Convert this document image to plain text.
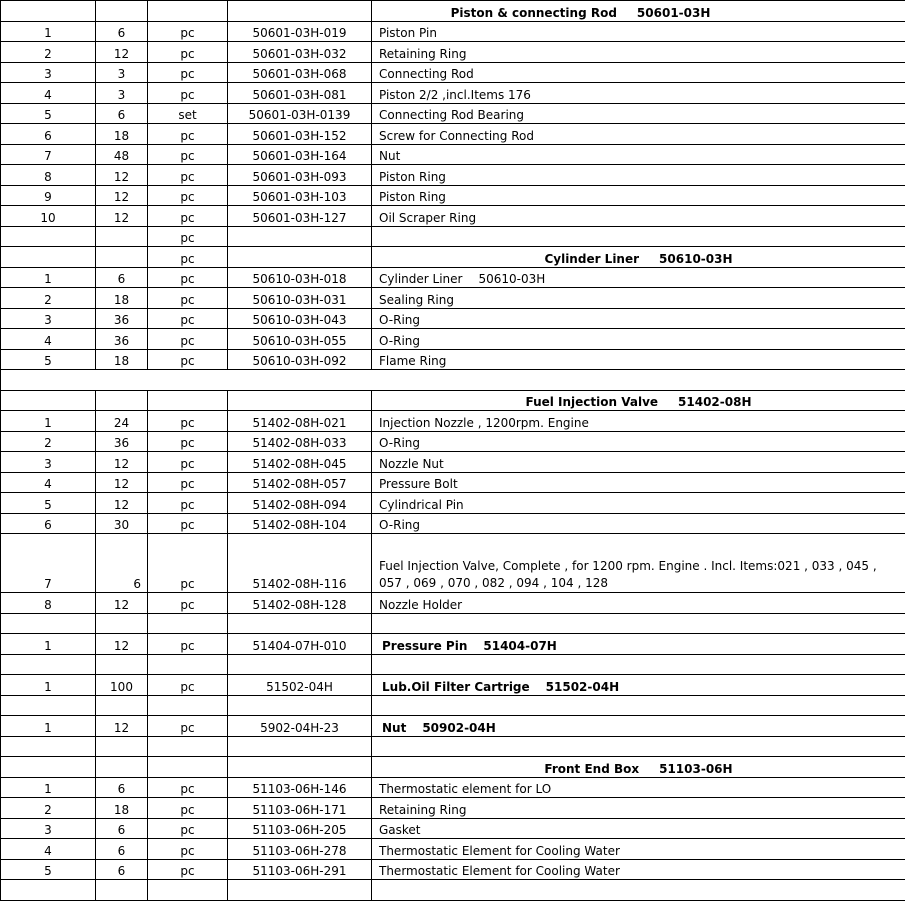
				Piston & connecting Rod 50601-03H
1	6	pc	50601-03H-019	Piston Pin
2	12	pc	50601-03H-032	Retaining Ring
3	3	pc	50601-03H-068	Connecting Rod
4	3	pc	50601-03H-081	Piston 2/2 ,incl.Items 176
5	6	set	50601-03H-0139	Connecting Rod Bearing
6	18	pc	50601-03H-152	Screw for Connecting Rod
7	48	pc	50601-03H-164	Nut
8	12	pc	50601-03H-093	Piston Ring
9	12	pc	50601-03H-103	Piston Ring
10	12	pc	50601-03H-127	Oil Scraper Ring
		pc		
		pc		Cylinder Liner 50610-03H
1	6	pc	50610-03H-018	Cylinder Liner 50610-03H
2	18	pc	50610-03H-031	Sealing Ring
3	36	pc	50610-03H-043	O-Ring
4	36	pc	50610-03H-055	O-Ring
5	18	pc	50610-03H-092	Flame Ring

				Fuel Injection Valve 51402-08H
1	24	pc	51402-08H-021	Injection Nozzle , 1200rpm. Engine
2	36	pc	51402-08H-033	O-Ring
3	12	pc	51402-08H-045	Nozzle Nut
4	12	pc	51402-08H-057	Pressure Bolt
5	12	pc	51402-08H-094	Cylindrical Pin
6	30	pc	51402-08H-104	O-Ring
7	6	pc	51402-08H-116	Fuel Injection Valve, Complete , for 1200 rpm. Engine . Incl. Items:021 , 033 , 045 , 057 , 069 , 070 , 082 , 094 , 104 , 128

8	12	pc	51402-08H-128	Nozzle Holder

1	12	pc	51404-07H-010	Pressure Pin 51404-07H

1	100	pc	51502-04H	Lub.Oil Filter Cartrige 51502-04H

1	12	pc	5902-04H-23	Nut 50902-04H

				Front End Box 51103-06H
1	6	pc	51103-06H-146	Thermostatic element for LO
2	18	pc	51103-06H-171	Retaining Ring
3	6	pc	51103-06H-205	Gasket
4	6	pc	51103-06H-278	Thermostatic Element for Cooling Water
5	6	pc	51103-06H-291	Thermostatic Element for Cooling Water
